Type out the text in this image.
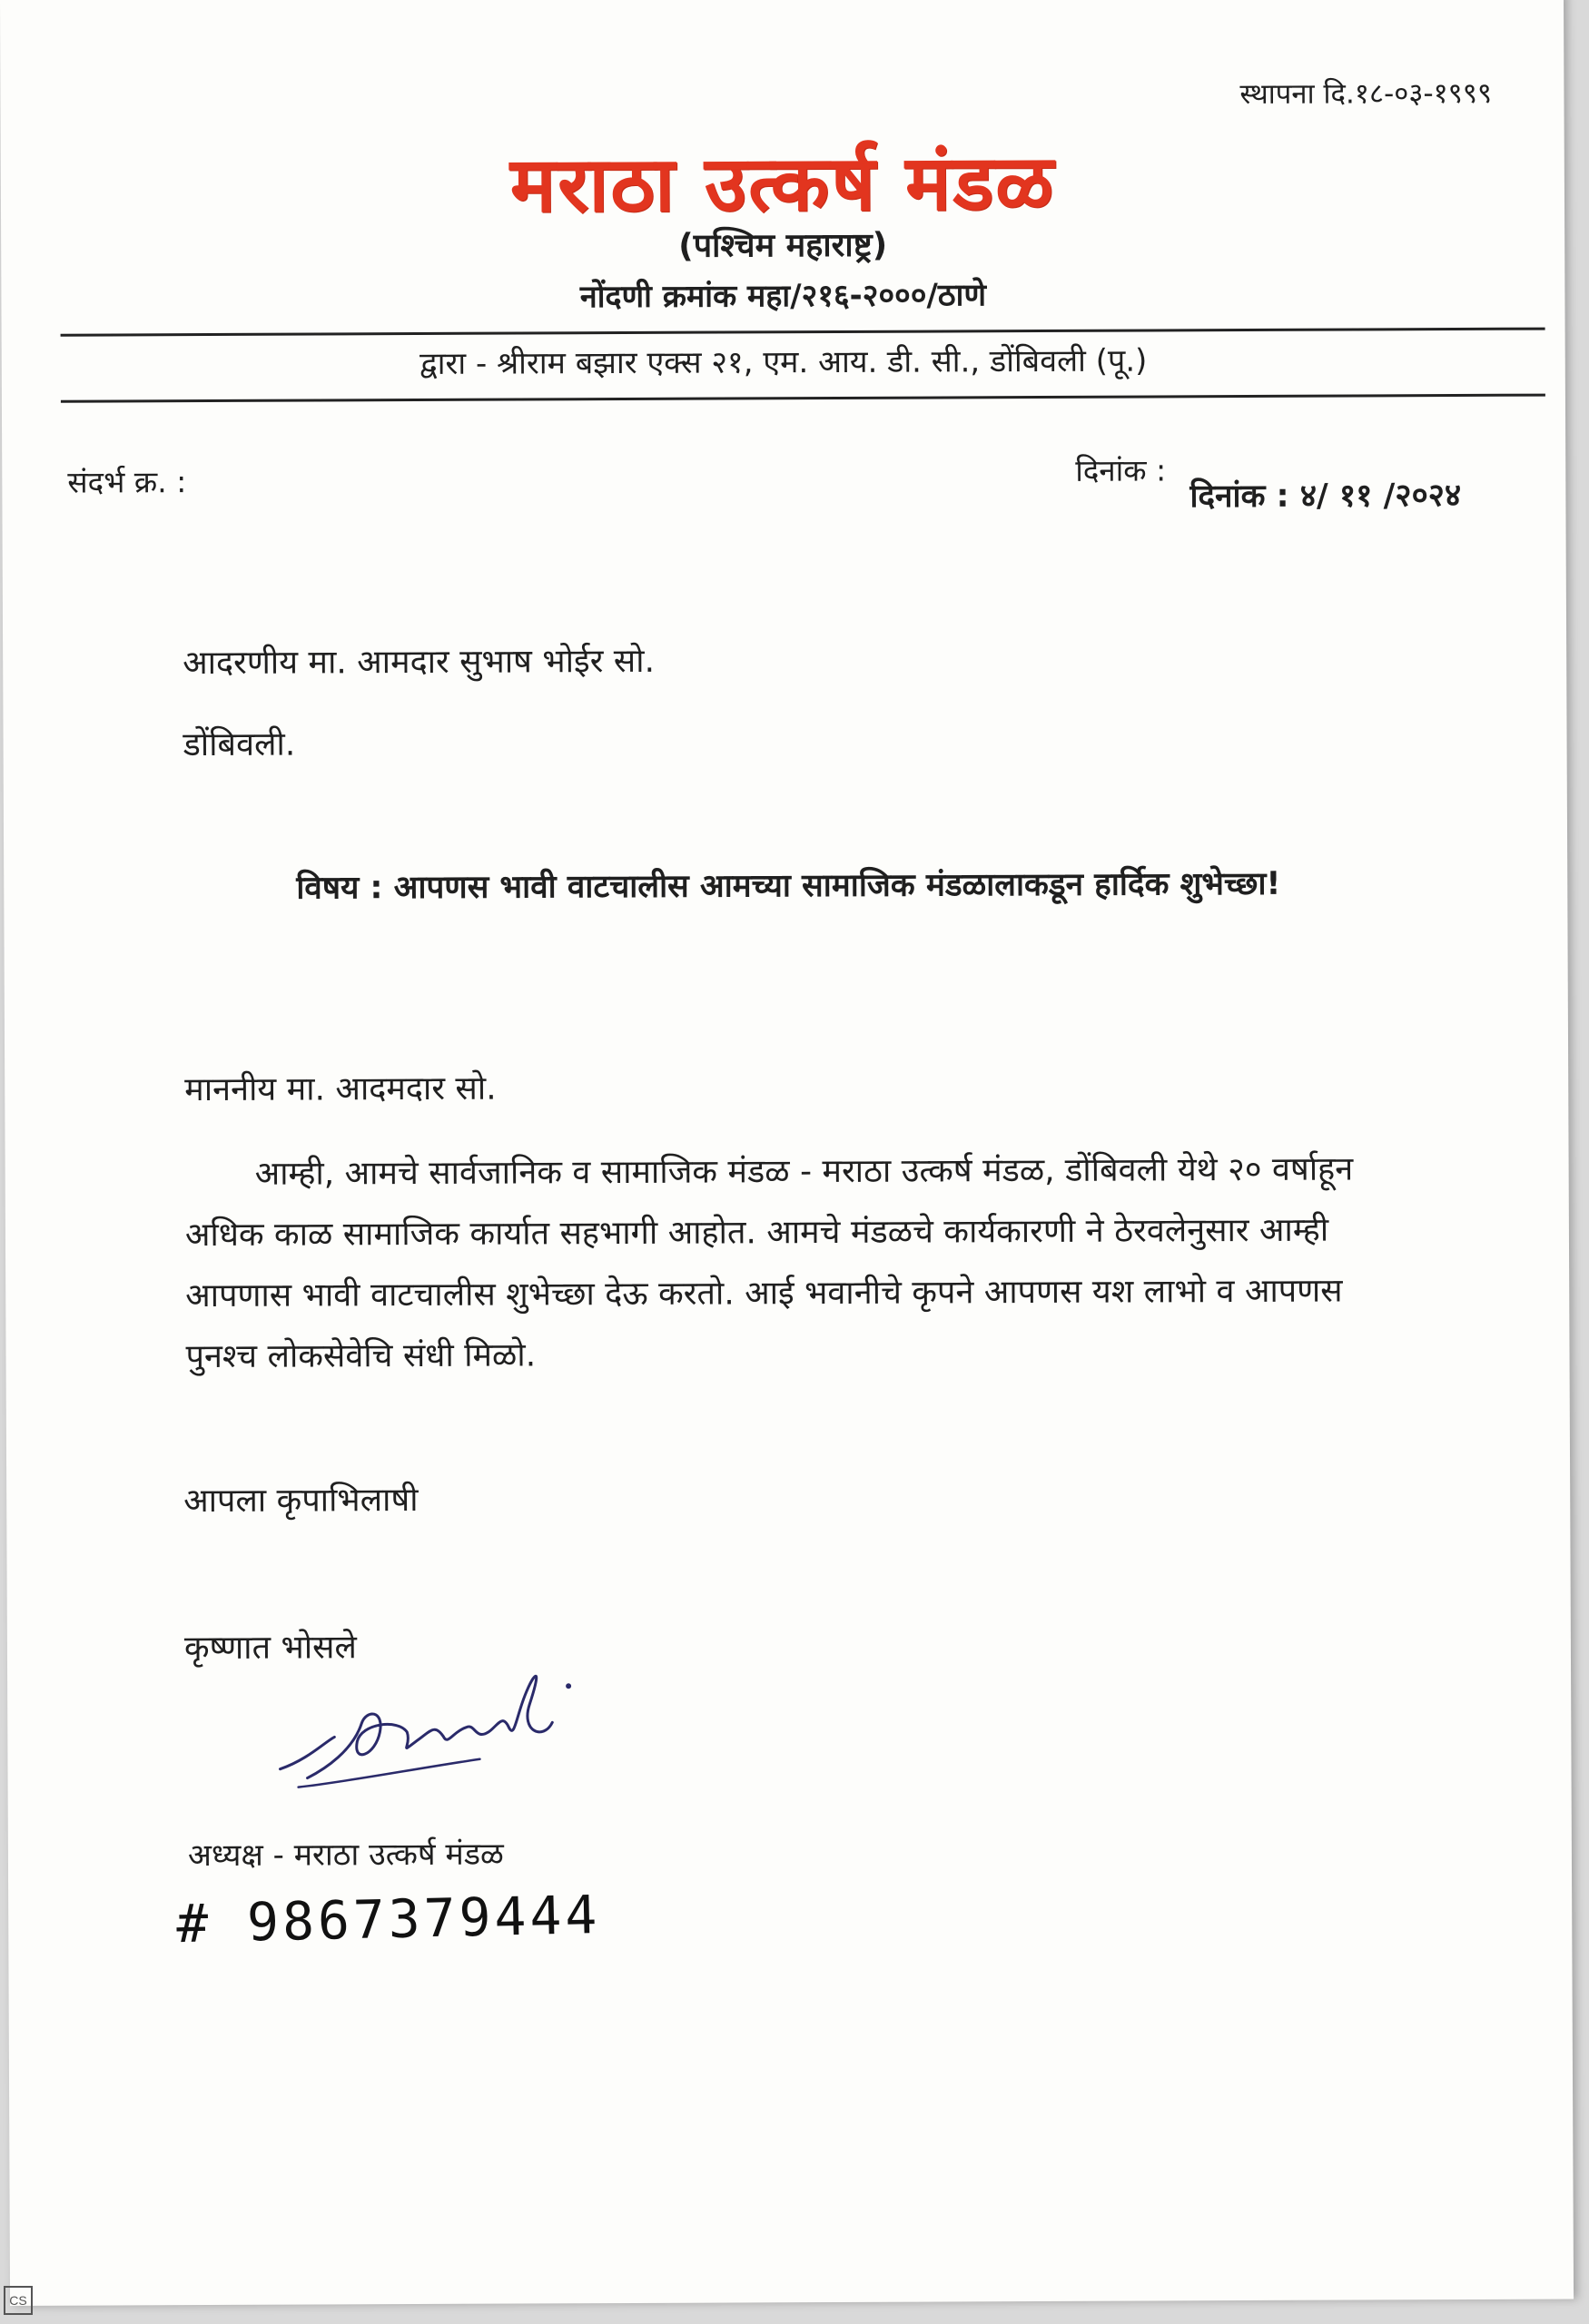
स्थापना दि.१८-०३-१९९९
मराठा उत्कर्ष मंडळ
(पश्चिम महाराष्ट्र)
नोंदणी क्रमांक महा/२१६-२०००/ठाणे
द्वारा - श्रीराम बझार एक्स २१, एम. आय. डी. सी., डोंबिवली (पू.)
संदर्भ क्र. :	दिनांक :
दिनांक : ४/ ११ /२०२४
आदरणीय मा. आमदार सुभाष भोईर सो.
डोंबिवली.
विषय : आपणस भावी वाटचालीस आमच्या सामाजिक मंडळालाकडून हार्दिक शुभेच्छा!
माननीय मा. आदमदार सो.
आम्ही, आमचे सार्वजानिक व सामाजिक मंडळ - मराठा उत्कर्ष मंडळ, डोंबिवली येथे २० वर्षाहून
अधिक काळ सामाजिक कार्यात सहभागी आहोत. आमचे मंडळचे कार्यकारणी ने ठेरवलेनुसार आम्ही
आपणास भावी वाटचालीस शुभेच्छा देऊ करतो. आई भवानीचे कृपने आपणस यश लाभो व आपणस
पुनश्च लोकसेवेचि संधी मिळो.
आपला कृपाभिलाषी
कृष्णात भोसले
अध्यक्ष - मराठा उत्कर्ष मंडळ
# 9867379444
CS
